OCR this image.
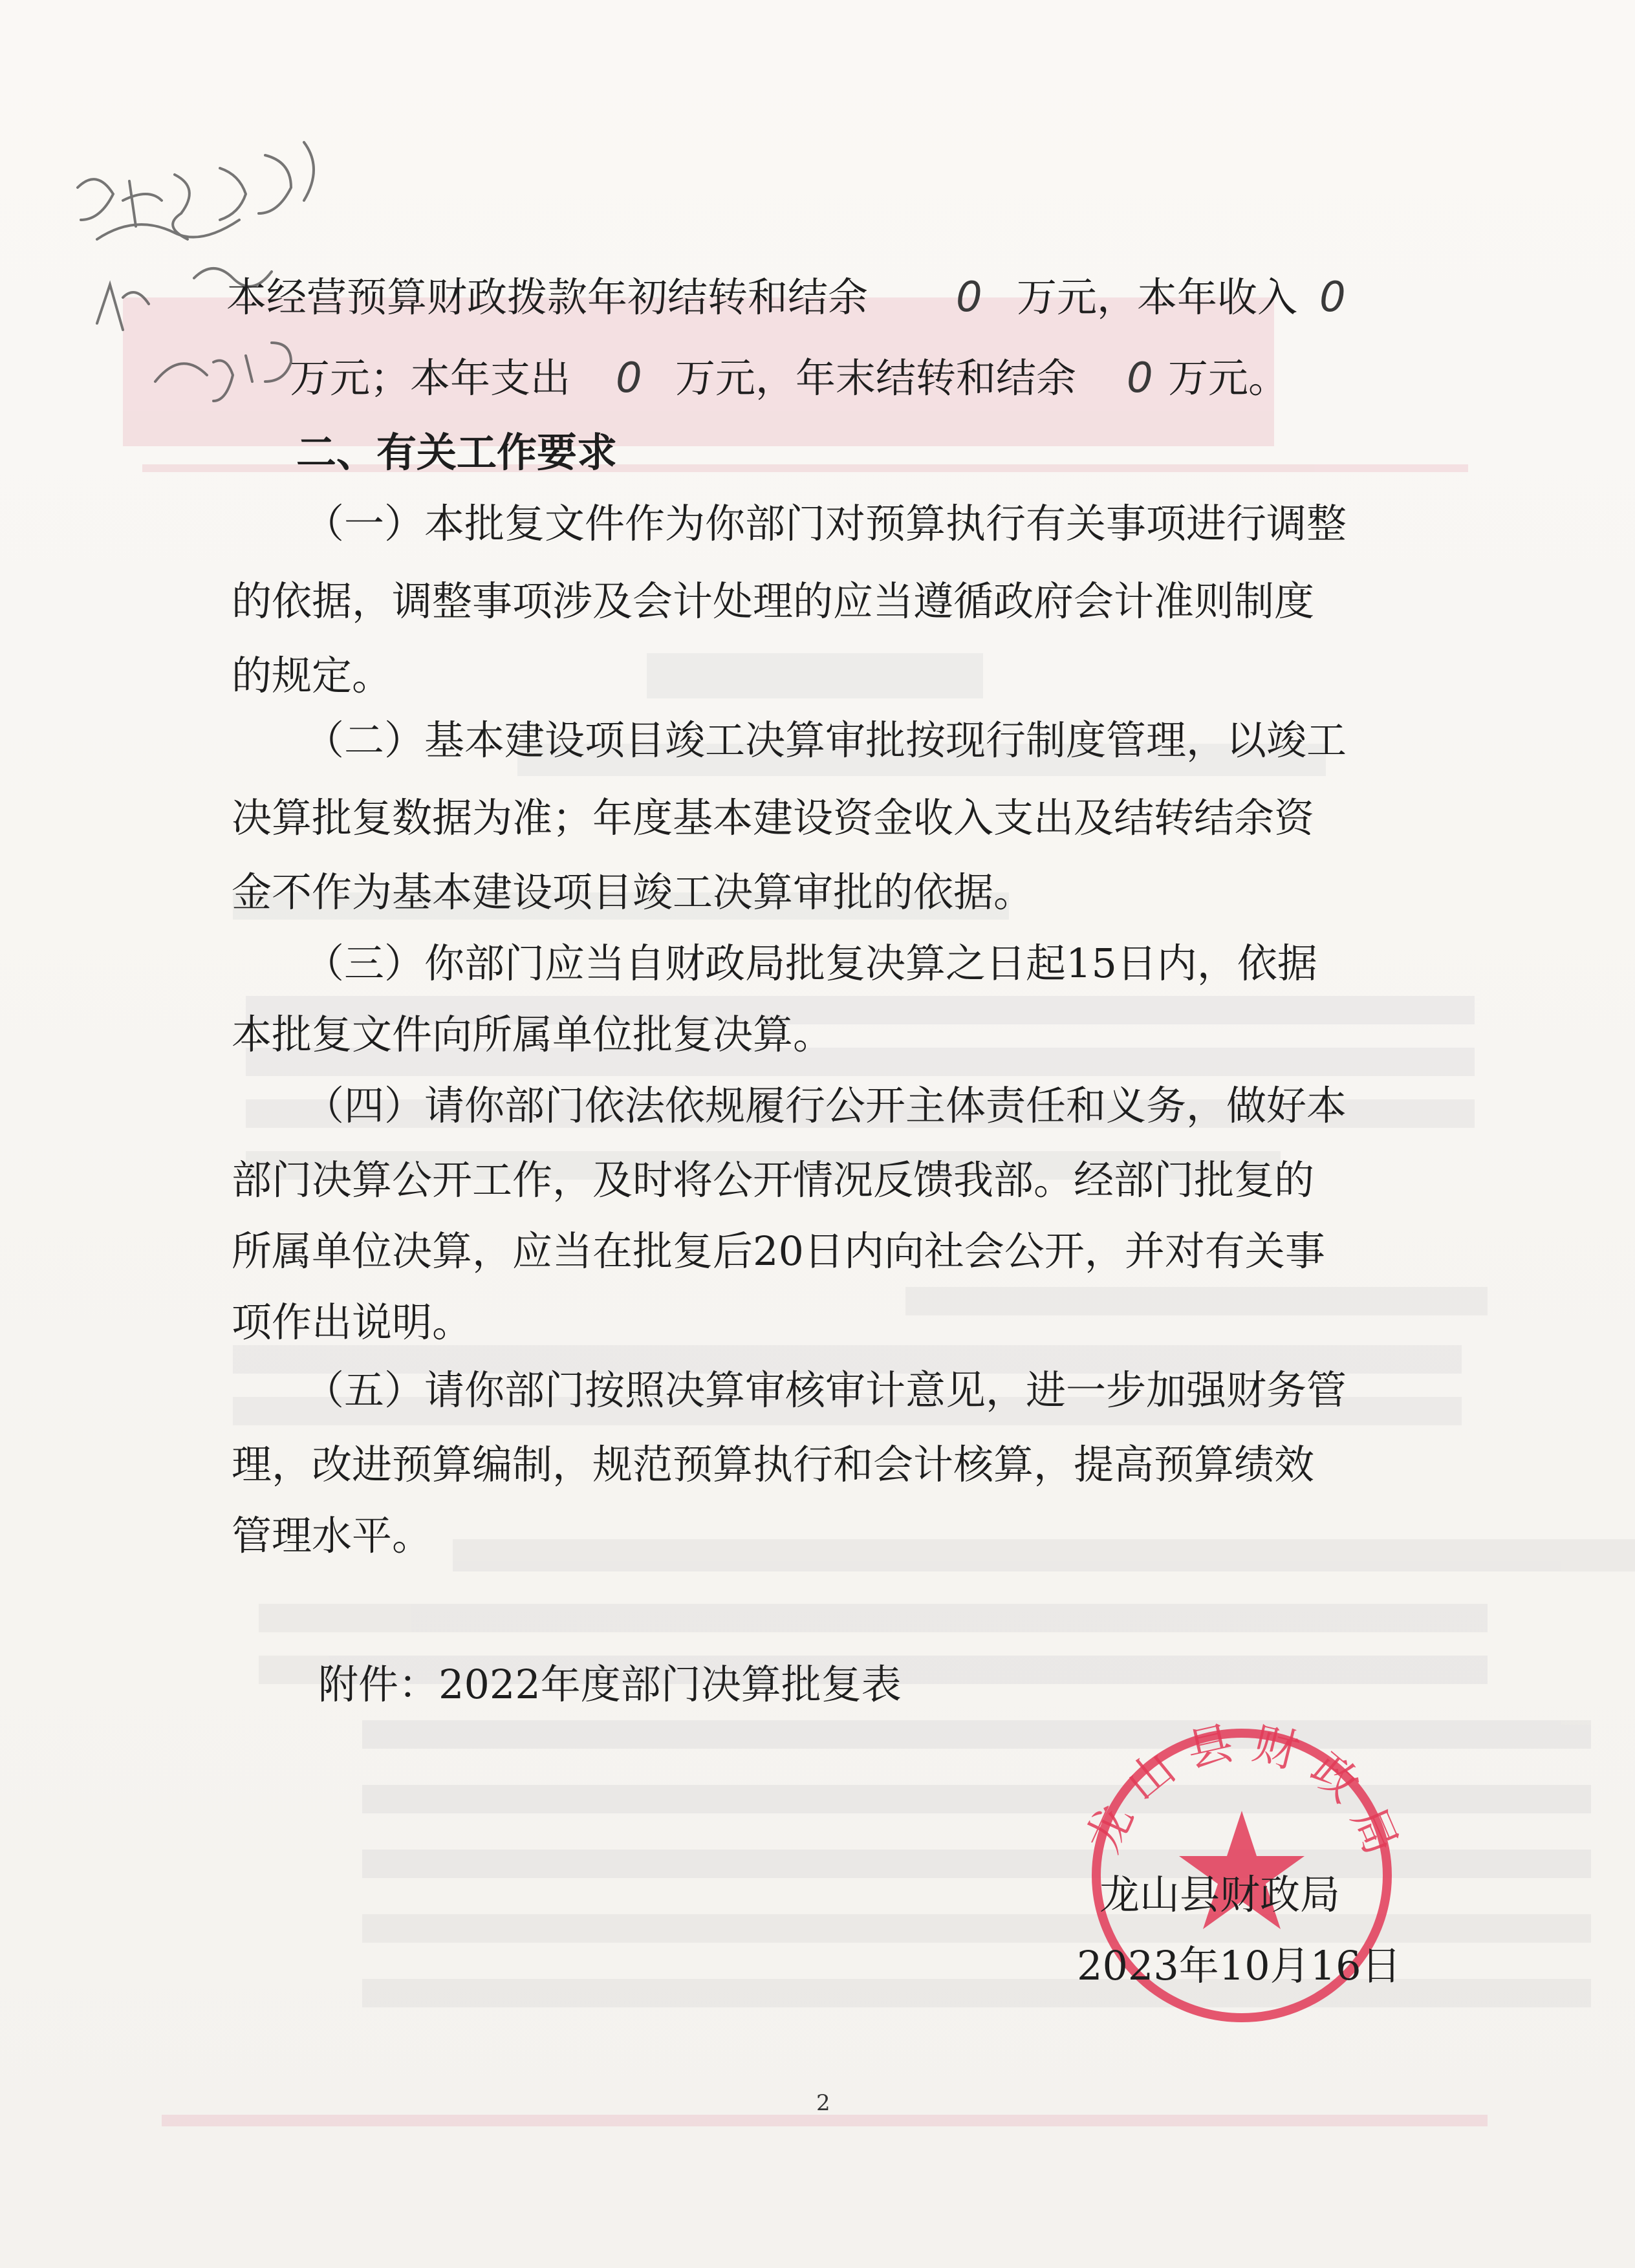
本经营预算财政拨款年初结转和结余 0 万元，本年收入 0
万元；本年支出 0 万元，年末结转和结余 0 万元。
二、有关工作要求
（一）本批复文件作为你部门对预算执行有关事项进行调整
的依据，调整事项涉及会计处理的应当遵循政府会计准则制度
的规定。
（二）基本建设项目竣工决算审批按现行制度管理，以竣工
决算批复数据为准；年度基本建设资金收入支出及结转结余资
金不作为基本建设项目竣工决算审批的依据。
（三）你部门应当自财政局批复决算之日起15日内，依据
本批复文件向所属单位批复决算。
（四）请你部门依法依规履行公开主体责任和义务，做好本
部门决算公开工作，及时将公开情况反馈我部。经部门批复的
所属单位决算，应当在批复后20日内向社会公开，并对有关事
项作出说明。
（五）请你部门按照决算审核审计意见，进一步加强财务管
理，改进预算编制，规范预算执行和会计核算，提高预算绩效
管理水平。
附件：2022年度部门决算批复表
龙 山 县 财 政 局
龙山县财政局
2023年10月16日
2
